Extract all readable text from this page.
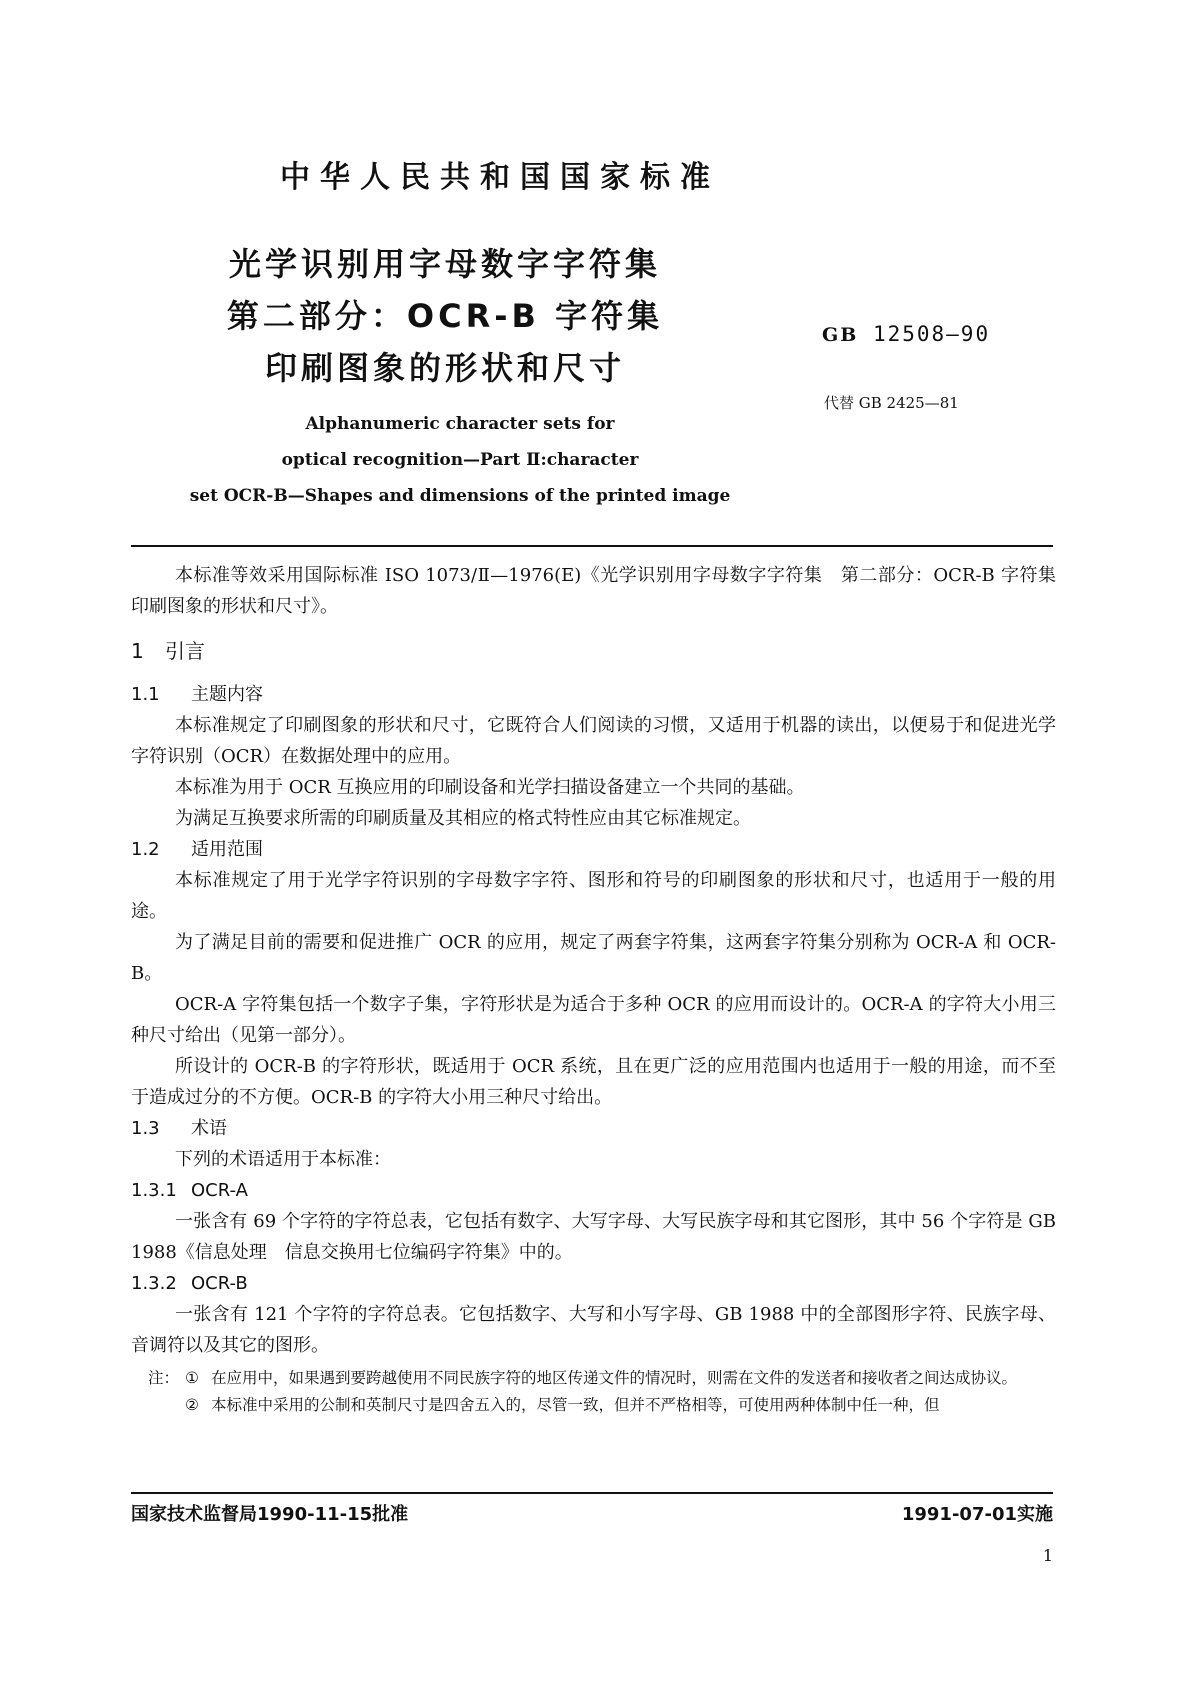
中华人民共和国国家标准
光学识别用字母数字字符集
第二部分：OCR-B 字符集
印刷图象的形状和尺寸
GB 12508—90
代替 GB 2425—81
Alphanumeric character sets for
optical recognition—Part Ⅱ:character
set OCR-B—Shapes and dimensions of the printed image

本标准等效采用国际标准 ISO 1073/Ⅱ—1976(E)《光学识别用字母数字字符集　第二部分：OCR-B 字符集　印刷图象的形状和尺寸》。

1 引言
1.1 主题内容

本标准规定了印刷图象的形状和尺寸，它既符合人们阅读的习惯，又适用于机器的读出，以便易于和促进光学字符识别（OCR）在数据处理中的应用。

本标准为用于 OCR 互换应用的印刷设备和光学扫描设备建立一个共同的基础。

为满足互换要求所需的印刷质量及其相应的格式特性应由其它标准规定。

1.2 适用范围

本标准规定了用于光学字符识别的字母数字字符、图形和符号的印刷图象的形状和尺寸，也适用于一般的用途。

为了满足目前的需要和促进推广 OCR 的应用，规定了两套字符集，这两套字符集分别称为 OCR-A 和 OCR-B。

OCR-A 字符集包括一个数字子集，字符形状是为适合于多种 OCR 的应用而设计的。OCR-A 的字符大小用三种尺寸给出（见第一部分）。

所设计的 OCR-B 的字符形状，既适用于 OCR 系统，且在更广泛的应用范围内也适用于一般的用途，而不至于造成过分的不方便。OCR-B 的字符大小用三种尺寸给出。

1.3 术语

下列的术语适用于本标准：

1.3.1 OCR-A

一张含有 69 个字符的字符总表，它包括有数字、大写字母、大写民族字母和其它图形，其中 56 个字符是 GB 1988《信息处理　信息交换用七位编码字符集》中的。

1.3.2 OCR-B

一张含有 121 个字符的字符总表。它包括数字、大写和小写字母、GB 1988 中的全部图形字符、民族字母、音调符以及其它的图形。

注： ① 在应用中，如果遇到要跨越使用不同民族字符的地区传递文件的情况时，则需在文件的发送者和接收者之间达成协议。
② 本标准中采用的公制和英制尺寸是四舍五入的，尽管一致，但并不严格相等，可使用两种体制中任一种，但
国家技术监督局1990-11-15批准	1991-07-01实施
1
